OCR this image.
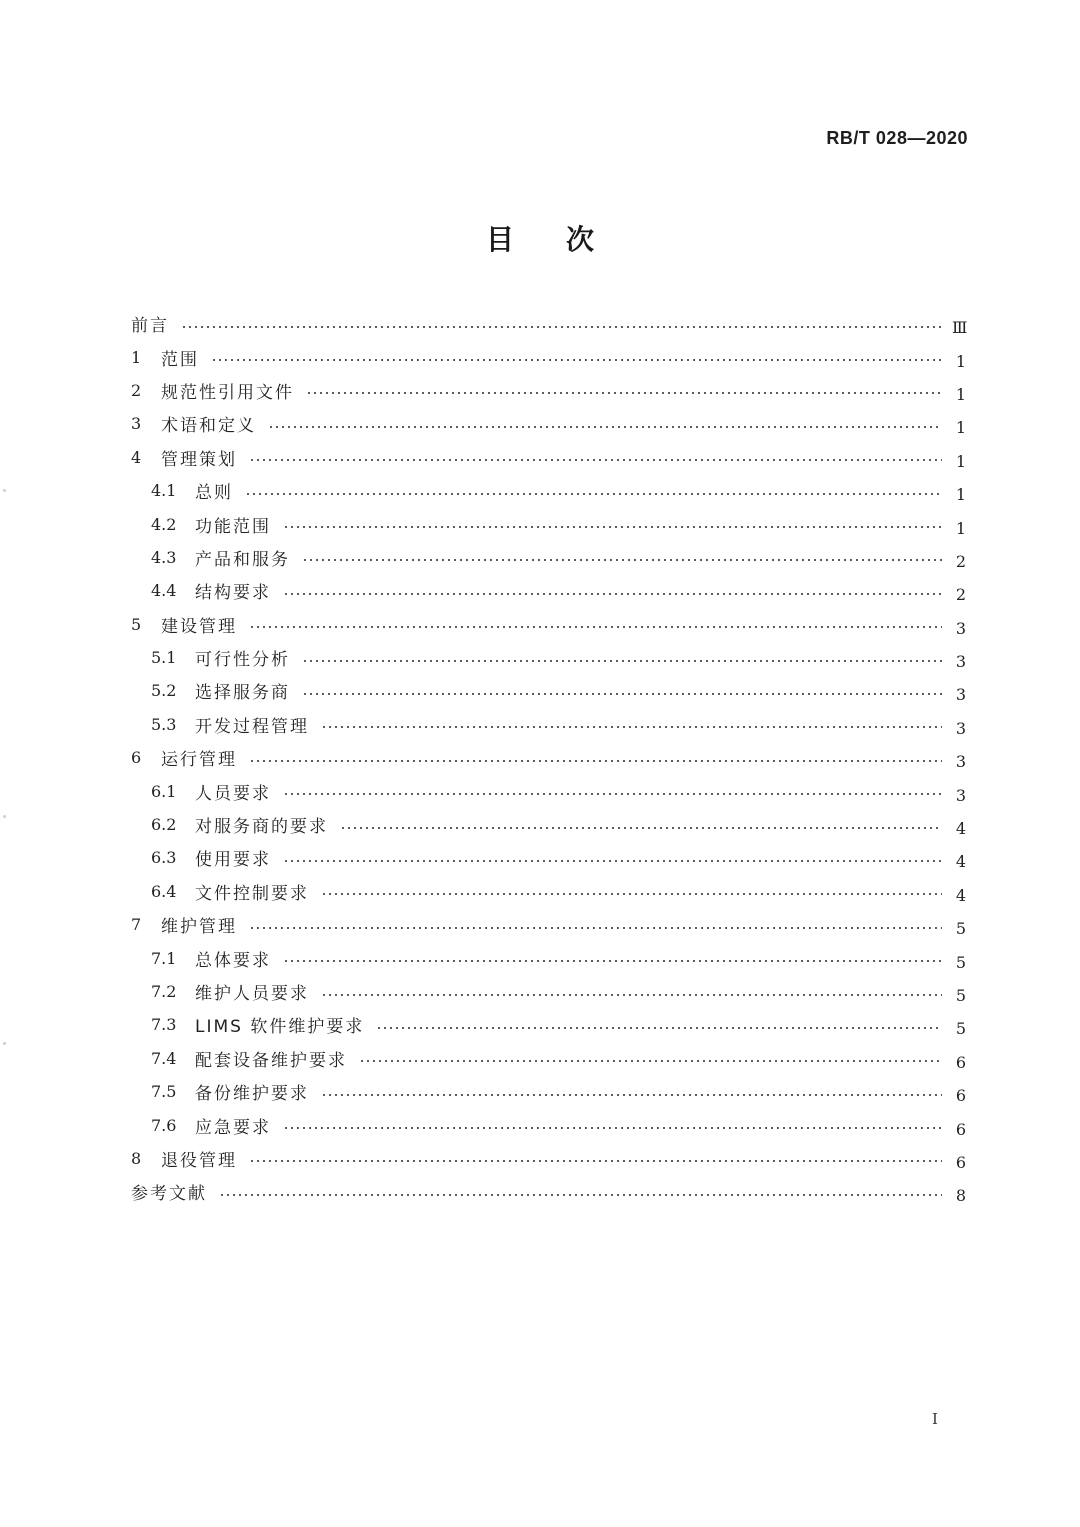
RB/T 028—2020
目次
前言	Ⅲ
1	范围	1
2	规范性引用文件	1
3	术语和定义	1
4	管理策划	1
4.1	总则	1
4.2	功能范围	1
4.3	产品和服务	2
4.4	结构要求	2
5	建设管理	3
5.1	可行性分析	3
5.2	选择服务商	3
5.3	开发过程管理	3
6	运行管理	3
6.1	人员要求	3
6.2	对服务商的要求	4
6.3	使用要求	4
6.4	文件控制要求	4
7	维护管理	5
7.1	总体要求	5
7.2	维护人员要求	5
7.3	LIMS 软件维护要求	5
7.4	配套设备维护要求	6
7.5	备份维护要求	6
7.6	应急要求	6
8	退役管理	6
参考文献	8
I
